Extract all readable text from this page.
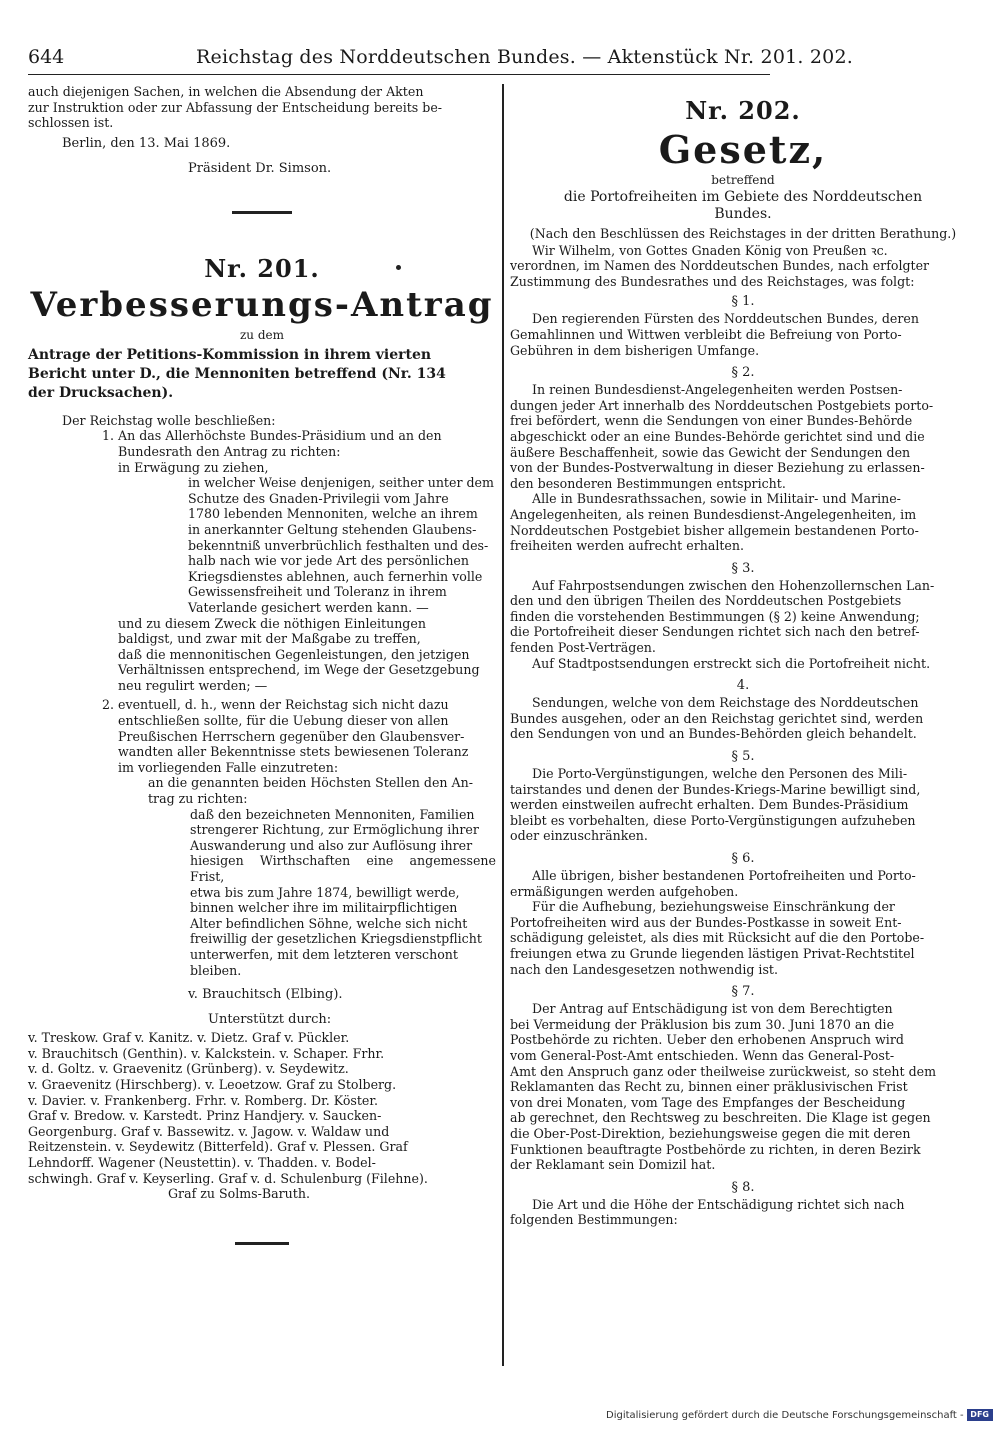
644	Reichstag des Norddeutschen Bundes. — Aktenstück Nr. 201. 202.

auch diejenigen Sachen, in welchen die Absendung der Akten

zur Instruktion oder zur Abfassung der Entscheidung bereits be-

schlossen ist.

Berlin, den 13. Mai 1869.

Präsident Dr. Simson.

Nr. 201.

Verbesserungs-Antrag

zu dem

Antrage der Petitions-Kommission in ihrem vierten

Bericht unter D., die Mennoniten betreffend (Nr. 134

der Drucksachen).

Der Reichstag wolle beschließen:

1. An das Allerhöchste Bundes-Präsidium und an den

Bundesrath den Antrag zu richten:

in Erwägung zu ziehen,

in welcher Weise denjenigen, seither unter dem

Schutze des Gnaden-Privilegii vom Jahre

1780 lebenden Mennoniten, welche an ihrem

in anerkannter Geltung stehenden Glaubens-

bekenntniß unverbrüchlich festhalten und des-

halb nach wie vor jede Art des persönlichen

Kriegsdienstes ablehnen, auch fernerhin volle

Gewissensfreiheit und Toleranz in ihrem

Vaterlande gesichert werden kann. —

und zu diesem Zweck die nöthigen Einleitungen

baldigst, und zwar mit der Maßgabe zu treffen,

daß die mennonitischen Gegenleistungen, den jetzigen

Verhältnissen entsprechend, im Wege der Gesetzgebung

neu regulirt werden; —

2. eventuell, d. h., wenn der Reichstag sich nicht dazu

entschließen sollte, für die Uebung dieser von allen

Preußischen Herrschern gegenüber den Glaubensver-

wandten aller Bekenntnisse stets bewiesenen Toleranz

im vorliegenden Falle einzutreten:

an die genannten beiden Höchsten Stellen den An-

trag zu richten:

daß den bezeichneten Mennoniten, Familien

strengerer Richtung, zur Ermöglichung ihrer

Auswanderung und also zur Auflösung ihrer

hiesigen Wirthschaften eine angemessene Frist,

etwa bis zum Jahre 1874, bewilligt werde,

binnen welcher ihre im militairpflichtigen

Alter befindlichen Söhne, welche sich nicht

freiwillig der gesetzlichen Kriegsdienstpflicht

unterwerfen, mit dem letzteren verschont

bleiben.

v. Brauchitsch (Elbing).

Unterstützt durch:

v. Treskow. Graf v. Kanitz. v. Dietz. Graf v. Pückler.

v. Brauchitsch (Genthin). v. Kalckstein. v. Schaper. Frhr.

v. d. Goltz. v. Graevenitz (Grünberg). v. Seydewitz.

v. Graevenitz (Hirschberg). v. Leoetzow. Graf zu Stolberg.

v. Davier. v. Frankenberg. Frhr. v. Romberg. Dr. Köster.

Graf v. Bredow. v. Karstedt. Prinz Handjery. v. Saucken-

Georgenburg. Graf v. Bassewitz. v. Jagow. v. Waldaw und

Reitzenstein. v. Seydewitz (Bitterfeld). Graf v. Plessen. Graf

Lehndorff. Wagener (Neustettin). v. Thadden. v. Bodel-

schwingh. Graf v. Keyserling. Graf v. d. Schulenburg (Filehne).

Graf zu Solms-Baruth.

Nr. 202.

Gesetz,

betreffend

die Portofreiheiten im Gebiete des Norddeutschen

Bundes.

(Nach den Beschlüssen des Reichstages in der dritten Berathung.)

Wir Wilhelm, von Gottes Gnaden König von Preußen ꝛc.

verordnen, im Namen des Norddeutschen Bundes, nach erfolgter

Zustimmung des Bundesrathes und des Reichstages, was folgt:

§ 1.

Den regierenden Fürsten des Norddeutschen Bundes, deren

Gemahlinnen und Wittwen verbleibt die Befreiung von Porto-

Gebühren in dem bisherigen Umfange.

§ 2.

In reinen Bundesdienst-Angelegenheiten werden Postsen-

dungen jeder Art innerhalb des Norddeutschen Postgebiets porto-

frei befördert, wenn die Sendungen von einer Bundes-Behörde

abgeschickt oder an eine Bundes-Behörde gerichtet sind und die

äußere Beschaffenheit, sowie das Gewicht der Sendungen den

von der Bundes-Postverwaltung in dieser Beziehung zu erlassen-

den besonderen Bestimmungen entspricht.

Alle in Bundesrathssachen, sowie in Militair- und Marine-

Angelegenheiten, als reinen Bundesdienst-Angelegenheiten, im

Norddeutschen Postgebiet bisher allgemein bestandenen Porto-

freiheiten werden aufrecht erhalten.

§ 3.

Auf Fahrpostsendungen zwischen den Hohenzollernschen Lan-

den und den übrigen Theilen des Norddeutschen Postgebiets

finden die vorstehenden Bestimmungen (§ 2) keine Anwendung;

die Portofreiheit dieser Sendungen richtet sich nach den betref-

fenden Post-Verträgen.

Auf Stadtpostsendungen erstreckt sich die Portofreiheit nicht.

4.

Sendungen, welche von dem Reichstage des Norddeutschen

Bundes ausgehen, oder an den Reichstag gerichtet sind, werden

den Sendungen von und an Bundes-Behörden gleich behandelt.

§ 5.

Die Porto-Vergünstigungen, welche den Personen des Mili-

tairstandes und denen der Bundes-Kriegs-Marine bewilligt sind,

werden einstweilen aufrecht erhalten. Dem Bundes-Präsidium

bleibt es vorbehalten, diese Porto-Vergünstigungen aufzuheben

oder einzuschränken.

§ 6.

Alle übrigen, bisher bestandenen Portofreiheiten und Porto-

ermäßigungen werden aufgehoben.

Für die Aufhebung, beziehungsweise Einschränkung der

Portofreiheiten wird aus der Bundes-Postkasse in soweit Ent-

schädigung geleistet, als dies mit Rücksicht auf die den Portobe-

freiungen etwa zu Grunde liegenden lästigen Privat-Rechtstitel

nach den Landesgesetzen nothwendig ist.

§ 7.

Der Antrag auf Entschädigung ist von dem Berechtigten

bei Vermeidung der Präklusion bis zum 30. Juni 1870 an die

Postbehörde zu richten. Ueber den erhobenen Anspruch wird

vom General-Post-Amt entschieden. Wenn das General-Post-

Amt den Anspruch ganz oder theilweise zurückweist, so steht dem

Reklamanten das Recht zu, binnen einer präklusivischen Frist

von drei Monaten, vom Tage des Empfanges der Bescheidung

ab gerechnet, den Rechtsweg zu beschreiten. Die Klage ist gegen

die Ober-Post-Direktion, beziehungsweise gegen die mit deren

Funktionen beauftragte Postbehörde zu richten, in deren Bezirk

der Reklamant sein Domizil hat.

§ 8.

Die Art und die Höhe der Entschädigung richtet sich nach

folgenden Bestimmungen:

Digitalisierung gefördert durch die Deutsche Forschungsgemeinschaft - DFG
